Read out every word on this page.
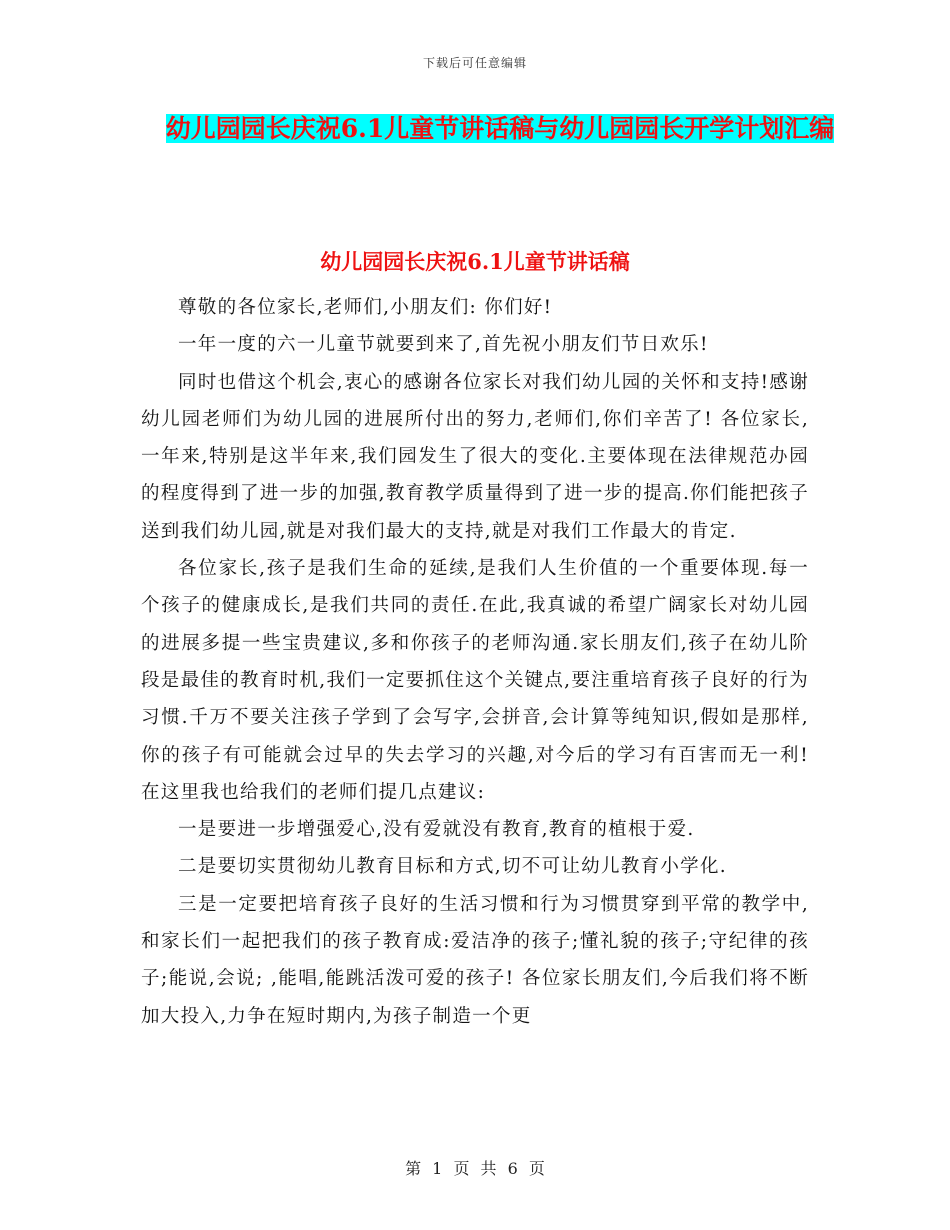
下载后可任意编辑
幼儿园园长庆祝6.1儿童节讲话稿与幼儿园园长开学计划汇编
幼儿园园长庆祝6.1儿童节讲话稿

尊敬的各位家长,老师们,小朋友们: 你们好!

一年一度的六一儿童节就要到来了,首先祝小朋友们节日欢乐!

同时也借这个机会,衷心的感谢各位家长对我们幼儿园的关怀和支持!感谢幼儿园老师们为幼儿园的进展所付出的努力,老师们,你们辛苦了! 各位家长,一年来,特别是这半年来,我们园发生了很大的变化.主要体现在法律规范办园的程度得到了进一步的加强,教育教学质量得到了进一步的提高.你们能把孩子送到我们幼儿园,就是对我们最大的支持,就是对我们工作最大的肯定.

各位家长,孩子是我们生命的延续,是我们人生价值的一个重要体现.每一个孩子的健康成长,是我们共同的责任.在此,我真诚的希望广阔家长对幼儿园的进展多提一些宝贵建议,多和你孩子的老师沟通.家长朋友们,孩子在幼儿阶段是最佳的教育时机,我们一定要抓住这个关键点,要注重培育孩子良好的行为习惯.千万不要关注孩子学到了会写字,会拼音,会计算等纯知识,假如是那样,你的孩子有可能就会过早的失去学习的兴趣,对今后的学习有百害而无一利! 在这里我也给我们的老师们提几点建议:

一是要进一步增强爱心,没有爱就没有教育,教育的植根于爱.

二是要切实贯彻幼儿教育目标和方式,切不可让幼儿教育小学化.

三是一定要把培育孩子良好的生活习惯和行为习惯贯穿到平常的教学中,和家长们一起把我们的孩子教育成:爱洁净的孩子;懂礼貌的孩子;守纪律的孩子;能说,会说; ,能唱,能跳活泼可爱的孩子! 各位家长朋友们,今后我们将不断加大投入,力争在短时期内,为孩子制造一个更

第 1 页 共 6 页
